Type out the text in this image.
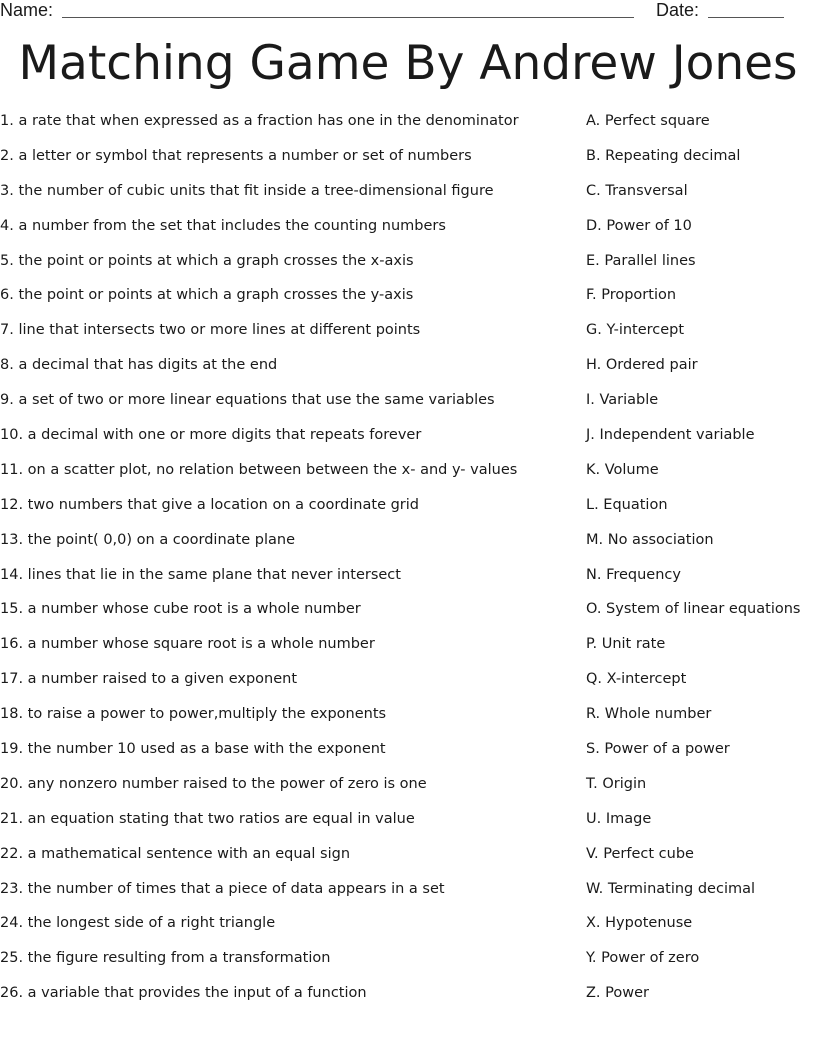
Name:	Date:
Matching Game By Andrew Jones
1. a rate that when expressed as a fraction has one in the denominator	A. Perfect square
2. a letter or symbol that represents a number or set of numbers	B. Repeating decimal
3. the number of cubic units that fit inside a tree-dimensional figure	C. Transversal
4. a number from the set that includes the counting numbers	D. Power of 10
5. the point or points at which a graph crosses the x-axis	E. Parallel lines
6. the point or points at which a graph crosses the y-axis	F. Proportion
7. line that intersects two or more lines at different points	G. Y-intercept
8. a decimal that has digits at the end	H. Ordered pair
9. a set of two or more linear equations that use the same variables	I. Variable
10. a decimal with one or more digits that repeats forever	J. Independent variable
11. on a scatter plot, no relation between between the x- and y- values	K. Volume
12. two numbers that give a location on a coordinate grid	L. Equation
13. the point( 0,0) on a coordinate plane	M. No association
14. lines that lie in the same plane that never intersect	N. Frequency
15. a number whose cube root is a whole number	O. System of linear equations
16. a number whose square root is a whole number	P. Unit rate
17. a number raised to a given exponent	Q. X-intercept
18. to raise a power to power,multiply the exponents	R. Whole number
19. the number 10 used as a base with the exponent	S. Power of a power
20. any nonzero number raised to the power of zero is one	T. Origin
21. an equation stating that two ratios are equal in value	U. Image
22. a mathematical sentence with an equal sign	V. Perfect cube
23. the number of times that a piece of data appears in a set	W. Terminating decimal
24. the longest side of a right triangle	X. Hypotenuse
25. the figure resulting from a transformation	Y. Power of zero
26. a variable that provides the input of a function	Z. Power
